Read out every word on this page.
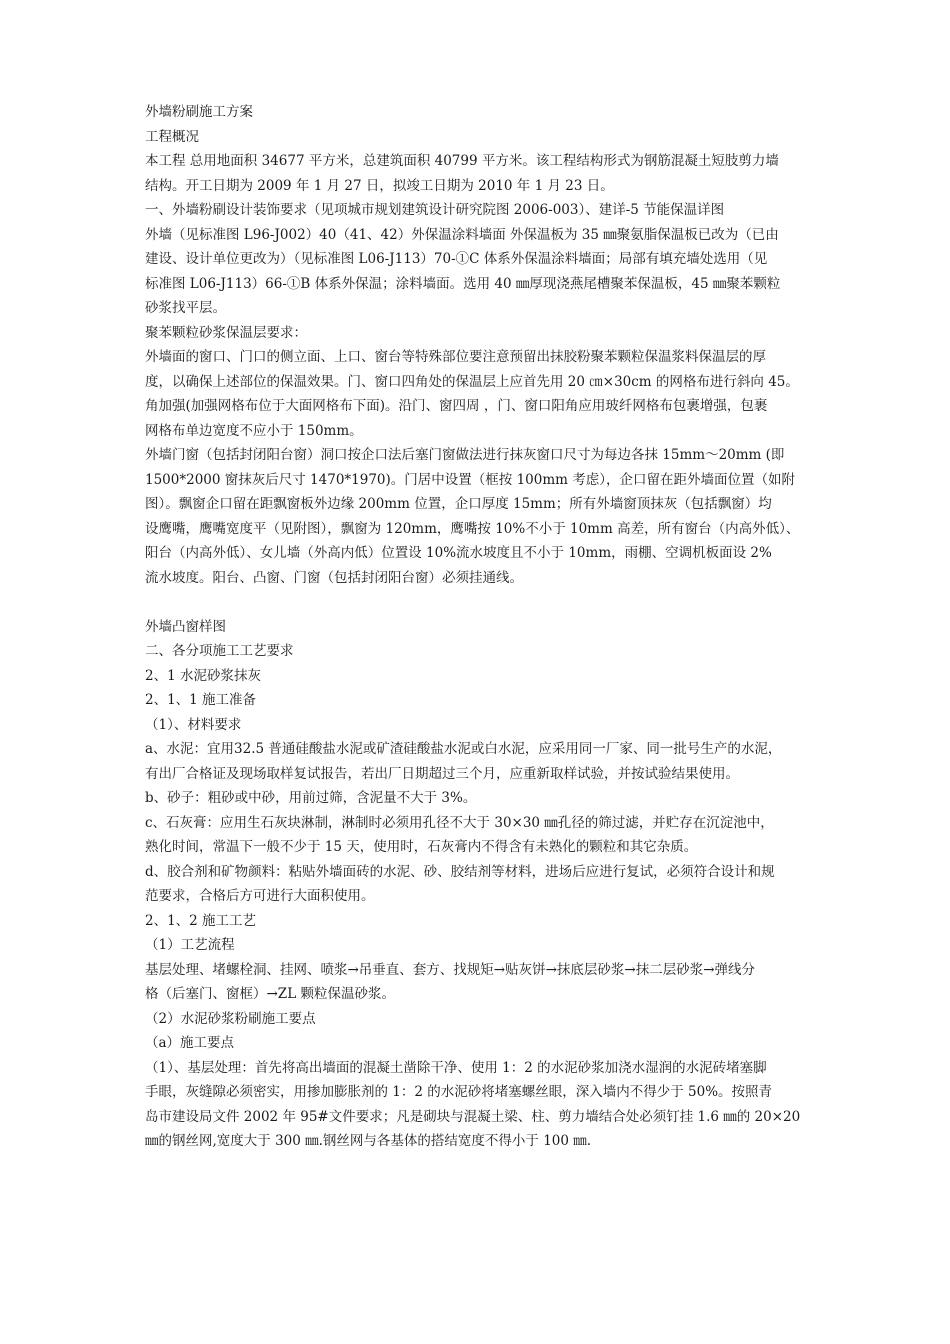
外墙粉刷施工方案
工程概况
本工程 总用地面积 34677 平方米，总建筑面积 40799 平方米。该工程结构形式为钢筋混凝土短肢剪力墙
结构。开工日期为 2009 年 1 月 27 日，拟竣工日期为 2010 年 1 月 23 日。
一、外墙粉刷设计装饰要求（见项城市规划建筑设计研究院图 2006-003）、建详-5 节能保温详图
外墙（见标准图 L96-J002）40（41、42）外保温涂料墙面 外保温板为 35 ㎜聚氨脂保温板已改为（已由
建设、设计单位更改为）（见标准图 L06-J113）70-①C 体系外保温涂料墙面；局部有填充墙处选用（见
标准图 L06-J113）66-①B 体系外保温；涂料墙面。选用 40 ㎜厚现浇燕尾槽聚苯保温板，45 ㎜聚苯颗粒
砂浆找平层。
聚苯颗粒砂浆保温层要求：
外墙面的窗口、门口的侧立面、上口、窗台等特殊部位要注意预留出抹胶粉聚苯颗粒保温浆料保温层的厚
度，以确保上述部位的保温效果。门、窗口四角处的保温层上应首先用 20 ㎝×30cm 的网格布进行斜向 45。
角加强(加强网格布位于大面网格布下面)。沿门、窗四周 ，门、窗口阳角应用玻纤网格布包裹增强，包裹
网格布单边宽度不应小于 150mm。
外墙门窗（包括封闭阳台窗）洞口按企口法后塞门窗做法进行抹灰窗口尺寸为每边各抹 15mm～20mm (即
1500*2000 窗抹灰后尺寸 1470*1970)。门居中设置（框按 100mm 考虑），企口留在距外墙面位置（如附
图）。飘窗企口留在距飘窗板外边缘 200mm 位置，企口厚度 15mm；所有外墙窗顶抹灰（包括飘窗）均
设鹰嘴，鹰嘴宽度平（见附图），飘窗为 120mm，鹰嘴按 10%不小于 10mm 高差，所有窗台（内高外低）、
阳台（内高外低）、女儿墙（外高内低）位置设 10%流水坡度且不小于 10mm，雨棚、空调机板面设 2%
流水坡度。阳台、凸窗、门窗（包括封闭阳台窗）必须挂通线。
外墙凸窗样图
二、各分项施工工艺要求
2、1 水泥砂浆抹灰
2、1、1 施工准备
（1）、材料要求
a、水泥：宜用32.5 普通硅酸盐水泥或矿渣硅酸盐水泥或白水泥，应采用同一厂家、同一批号生产的水泥，
有出厂合格证及现场取样复试报告，若出厂日期超过三个月，应重新取样试验，并按试验结果使用。
b、砂子：粗砂或中砂，用前过筛，含泥量不大于 3%。
c、石灰膏：应用生石灰块淋制，淋制时必须用孔径不大于 30×30 ㎜孔径的筛过滤，并贮存在沉淀池中，
熟化时间，常温下一般不少于 15 天，使用时，石灰膏内不得含有未熟化的颗粒和其它杂质。
d、胶合剂和矿物颜料：粘贴外墙面砖的水泥、砂、胶结剂等材料，进场后应进行复试，必须符合设计和规
范要求，合格后方可进行大面积使用。
2、1、2 施工工艺
（1）工艺流程
基层处理、堵螺栓洞、挂网、喷浆→吊垂直、套方、找规矩→贴灰饼→抹底层砂浆→抹二层砂浆→弹线分
格（后塞门、窗框）→ZL 颗粒保温砂浆。
（2）水泥砂浆粉刷施工要点
（a）施工要点
（1）、基层处理：首先将高出墙面的混凝土凿除干净、使用 1：2 的水泥砂浆加浇水湿润的水泥砖堵塞脚
手眼，灰缝隙必须密实，用掺加膨胀剂的 1：2 的水泥砂将堵塞螺丝眼，深入墙内不得少于 50%。按照青
岛市建设局文件 2002 年 95#文件要求；凡是砌块与混凝土梁、柱、剪力墙结合处必须钉挂 1.6 ㎜的 20×20
㎜的钢丝网,宽度大于 300 ㎜.钢丝网与各基体的搭结宽度不得小于 100 ㎜.
